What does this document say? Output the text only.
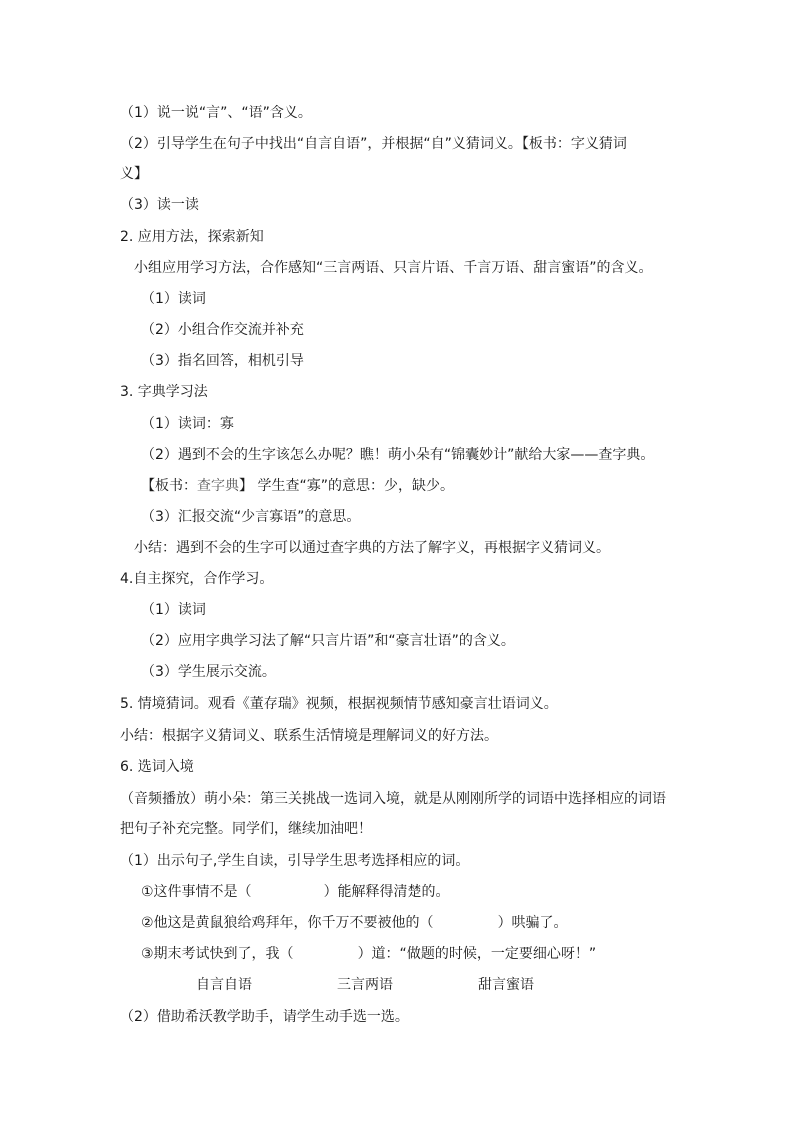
（1）说一说“言”、“语”含义。
（2）引导学生在句子中找出“自言自语”，并根据“自”义猜词义。【板书：字义猜词
义】
（3）读一读
2. 应用方法，探索新知
小组应用学习方法，合作感知“三言两语、只言片语、千言万语、甜言蜜语”的含义。
（1）读词
（2）小组合作交流并补充
（3）指名回答，相机引导
3. 字典学习法
（1）读词：寡
（2）遇到不会的生字该怎么办呢？瞧！萌小朵有“锦囊妙计”献给大家——查字典。
【板书：查字典】 学生查“寡”的意思：少，缺少。
（3）汇报交流“少言寡语”的意思。
小结：遇到不会的生字可以通过查字典的方法了解字义，再根据字义猜词义。
4.自主探究，合作学习。
（1）读词
（2）应用字典学习法了解“只言片语”和“豪言壮语”的含义。
（3）学生展示交流。
5. 情境猜词。观看《董存瑞》视频，根据视频情节感知豪言壮语词义。
小结：根据字义猜词义、联系生活情境是理解词义的好方法。
6. 选词入境
（音频播放）萌小朵：第三关挑战一选词入境，就是从刚刚所学的词语中选择相应的词语
把句子补充完整。同学们，继续加油吧！
（1）出示句子,学生自读，引导学生思考选择相应的词。
①这件事情不是（	）能解释得清楚的。
②他这是黄鼠狼给鸡拜年，你千万不要被他的（	）哄骗了。
③期末考试快到了，我（	）道：“做题的时候，一定要细心呀！”
自言自语	三言两语	甜言蜜语
（2）借助希沃教学助手，请学生动手选一选。
